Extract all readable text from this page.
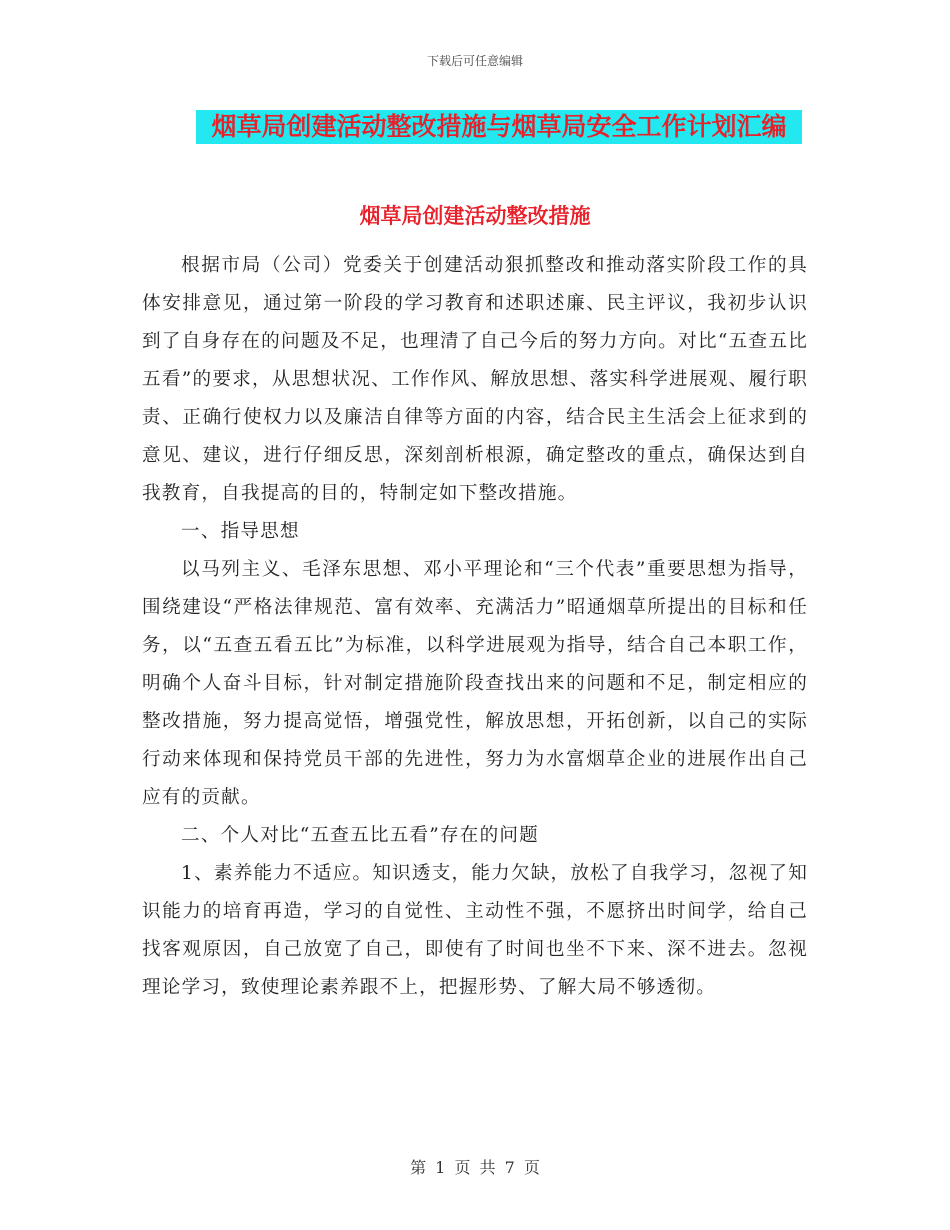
下载后可任意编辑
烟草局创建活动整改措施与烟草局安全工作计划汇编
烟草局创建活动整改措施

根据市局（公司）党委关于创建活动狠抓整改和推动落实阶段工作的具体安排意见，通过第一阶段的学习教育和述职述廉、民主评议，我初步认识到了自身存在的问题及不足，也理清了自己今后的努力方向。对比“五查五比五看”的要求，从思想状况、工作作风、解放思想、落实科学进展观、履行职责、正确行使权力以及廉洁自律等方面的内容，结合民主生活会上征求到的意见、建议，进行仔细反思，深刻剖析根源，确定整改的重点，确保达到自我教育，自我提高的目的，特制定如下整改措施。

一、指导思想

以马列主义、毛泽东思想、邓小平理论和“三个代表”重要思想为指导，围绕建设“严格法律规范、富有效率、充满活力”昭通烟草所提出的目标和任务，以“五查五看五比”为标准，以科学进展观为指导，结合自己本职工作，明确个人奋斗目标，针对制定措施阶段查找出来的问题和不足，制定相应的整改措施，努力提高觉悟，增强党性，解放思想，开拓创新，以自己的实际行动来体现和保持党员干部的先进性，努力为水富烟草企业的进展作出自己应有的贡献。

二、个人对比“五查五比五看”存在的问题

1、素养能力不适应。知识透支，能力欠缺，放松了自我学习，忽视了知识能力的培育再造，学习的自觉性、主动性不强，不愿挤出时间学，给自己找客观原因，自己放宽了自己，即使有了时间也坐不下来、深不进去。忽视理论学习，致使理论素养跟不上，把握形势、了解大局不够透彻。

第 1 页 共 7 页
